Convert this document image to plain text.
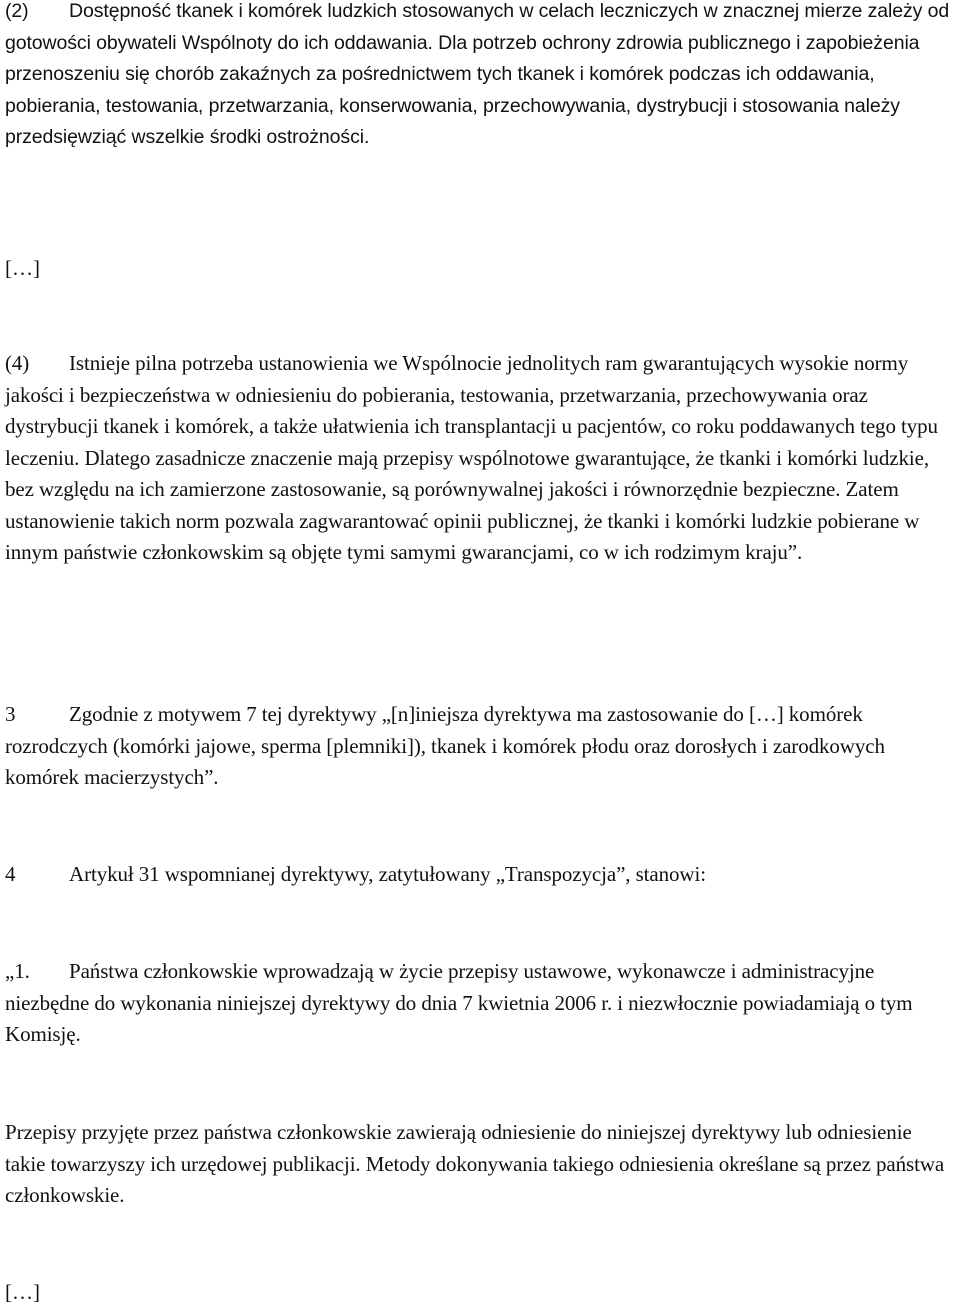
(2) Dostępność tkanek i komórek ludzkich stosowanych w celach leczniczych w znacznej mierze zależy od gotowości obywateli Wspólnoty do ich oddawania. Dla potrzeb ochrony zdrowia publicznego i zapobieżenia przenoszeniu się chorób zakaźnych za pośrednictwem tych tkanek i komórek podczas ich oddawania, pobierania, testowania, przetwarzania, konserwowania, przechowywania, dystrybucji i stosowania należy przedsięwziąć wszelkie środki ostrożności.

[…]

(4) Istnieje pilna potrzeba ustanowienia we Wspólnocie jednolitych ram gwarantujących wysokie normy jakości i bezpieczeństwa w odniesieniu do pobierania, testowania, przetwarzania, przechowywania oraz dystrybucji tkanek i komórek, a także ułatwienia ich transplantacji u pacjentów, co roku poddawanych tego typu leczeniu. Dlatego zasadnicze znaczenie mają przepisy wspólnotowe gwarantujące, że tkanki i komórki ludzkie, bez względu na ich zamierzone zastosowanie, są porównywalnej jakości i równorzędnie bezpieczne. Zatem ustanowienie takich norm pozwala zagwarantować opinii publicznej, że tkanki i komórki ludzkie pobierane w innym państwie członkowskim są objęte tymi samymi gwarancjami, co w ich rodzimym kraju”.

3	Zgodnie z motywem 7 tej dyrektywy „[n]iniejsza dyrektywa ma zastosowanie do […] komórek rozrodczych (komórki jajowe, sperma [plemniki]), tkanek i komórek płodu oraz dorosłych i zarodkowych komórek macierzystych”.

4	Artykuł 31 wspomnianej dyrektywy, zatytułowany „Transpozycja”, stanowi:

„1. Państwa członkowskie wprowadzają w życie przepisy ustawowe, wykonawcze i administracyjne niezbędne do wykonania niniejszej dyrektywy do dnia 7 kwietnia 2006 r. i niezwłocznie powiadamiają o tym Komisję.

Przepisy przyjęte przez państwa członkowskie zawierają odniesienie do niniejszej dyrektywy lub odniesienie takie towarzyszy ich urzędowej publikacji. Metody dokonywania takiego odniesienia określane są przez państwa członkowskie.

[…]
